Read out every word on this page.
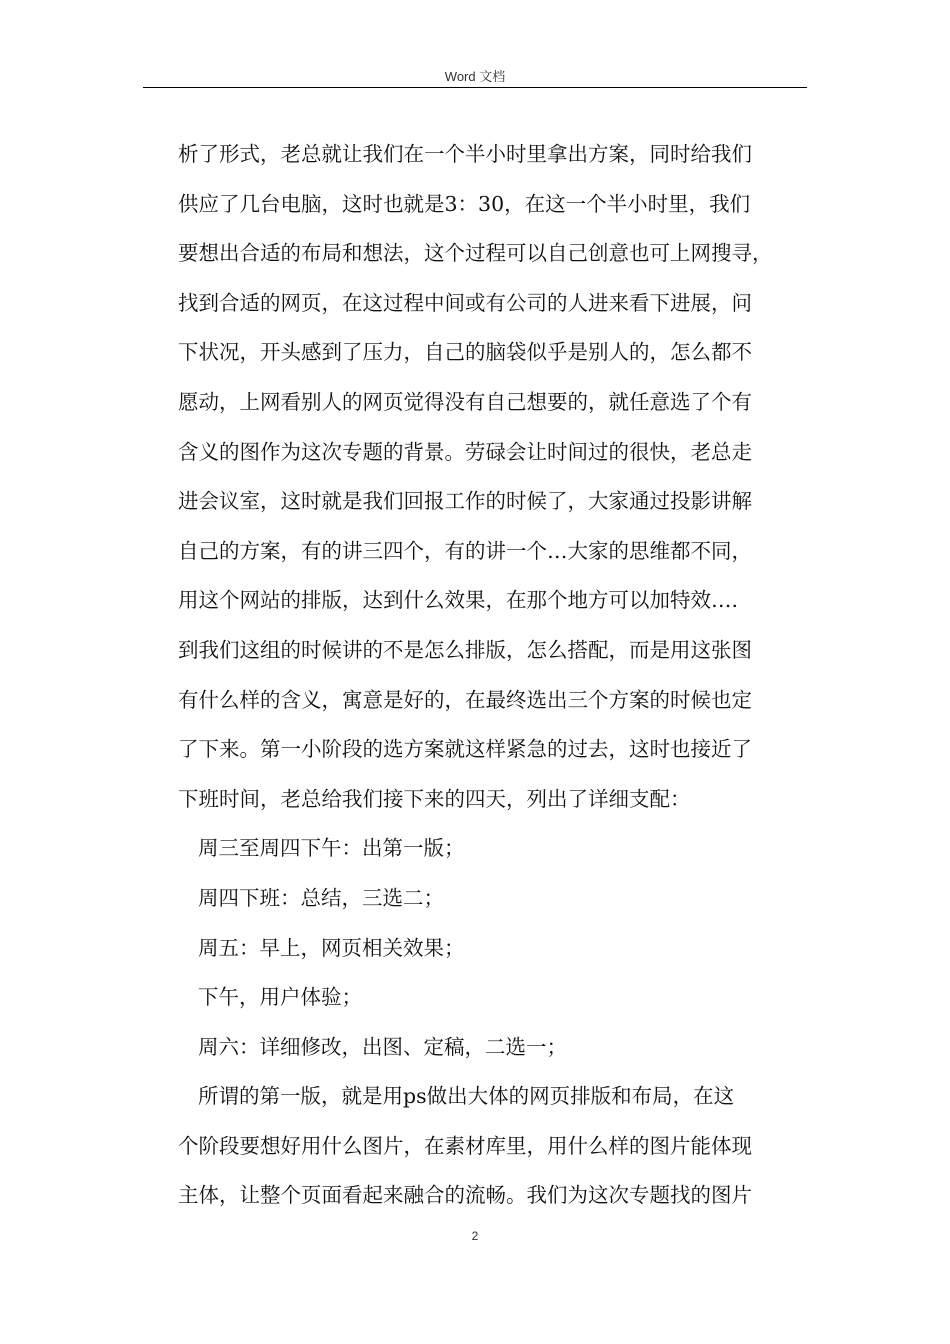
Word 文档
析了形式，老总就让我们在一个半小时里拿出方案，同时给我们
供应了几台电脑，这时也就是3：30，在这一个半小时里，我们
要想出合适的布局和想法，这个过程可以自己创意也可上网搜寻，
找到合适的网页，在这过程中间或有公司的人进来看下进展，问
下状况，开头感到了压力，自己的脑袋似乎是别人的，怎么都不
愿动，上网看别人的网页觉得没有自己想要的，就任意选了个有
含义的图作为这次专题的背景。劳碌会让时间过的很快，老总走
进会议室，这时就是我们回报工作的时候了，大家通过投影讲解
自己的方案，有的讲三四个，有的讲一个…大家的思维都不同，
用这个网站的排版，达到什么效果，在那个地方可以加特效….
到我们这组的时候讲的不是怎么排版，怎么搭配，而是用这张图
有什么样的含义，寓意是好的，在最终选出三个方案的时候也定
了下来。第一小阶段的选方案就这样紧急的过去，这时也接近了
下班时间，老总给我们接下来的四天，列出了详细支配：
周三至周四下午：出第一版；
周四下班：总结，三选二；
周五：早上，网页相关效果；
下午，用户体验；
周六：详细修改，出图、定稿，二选一；
所谓的第一版，就是用ps做出大体的网页排版和布局，在这
个阶段要想好用什么图片，在素材库里，用什么样的图片能体现
主体，让整个页面看起来融合的流畅。我们为这次专题找的图片
2
